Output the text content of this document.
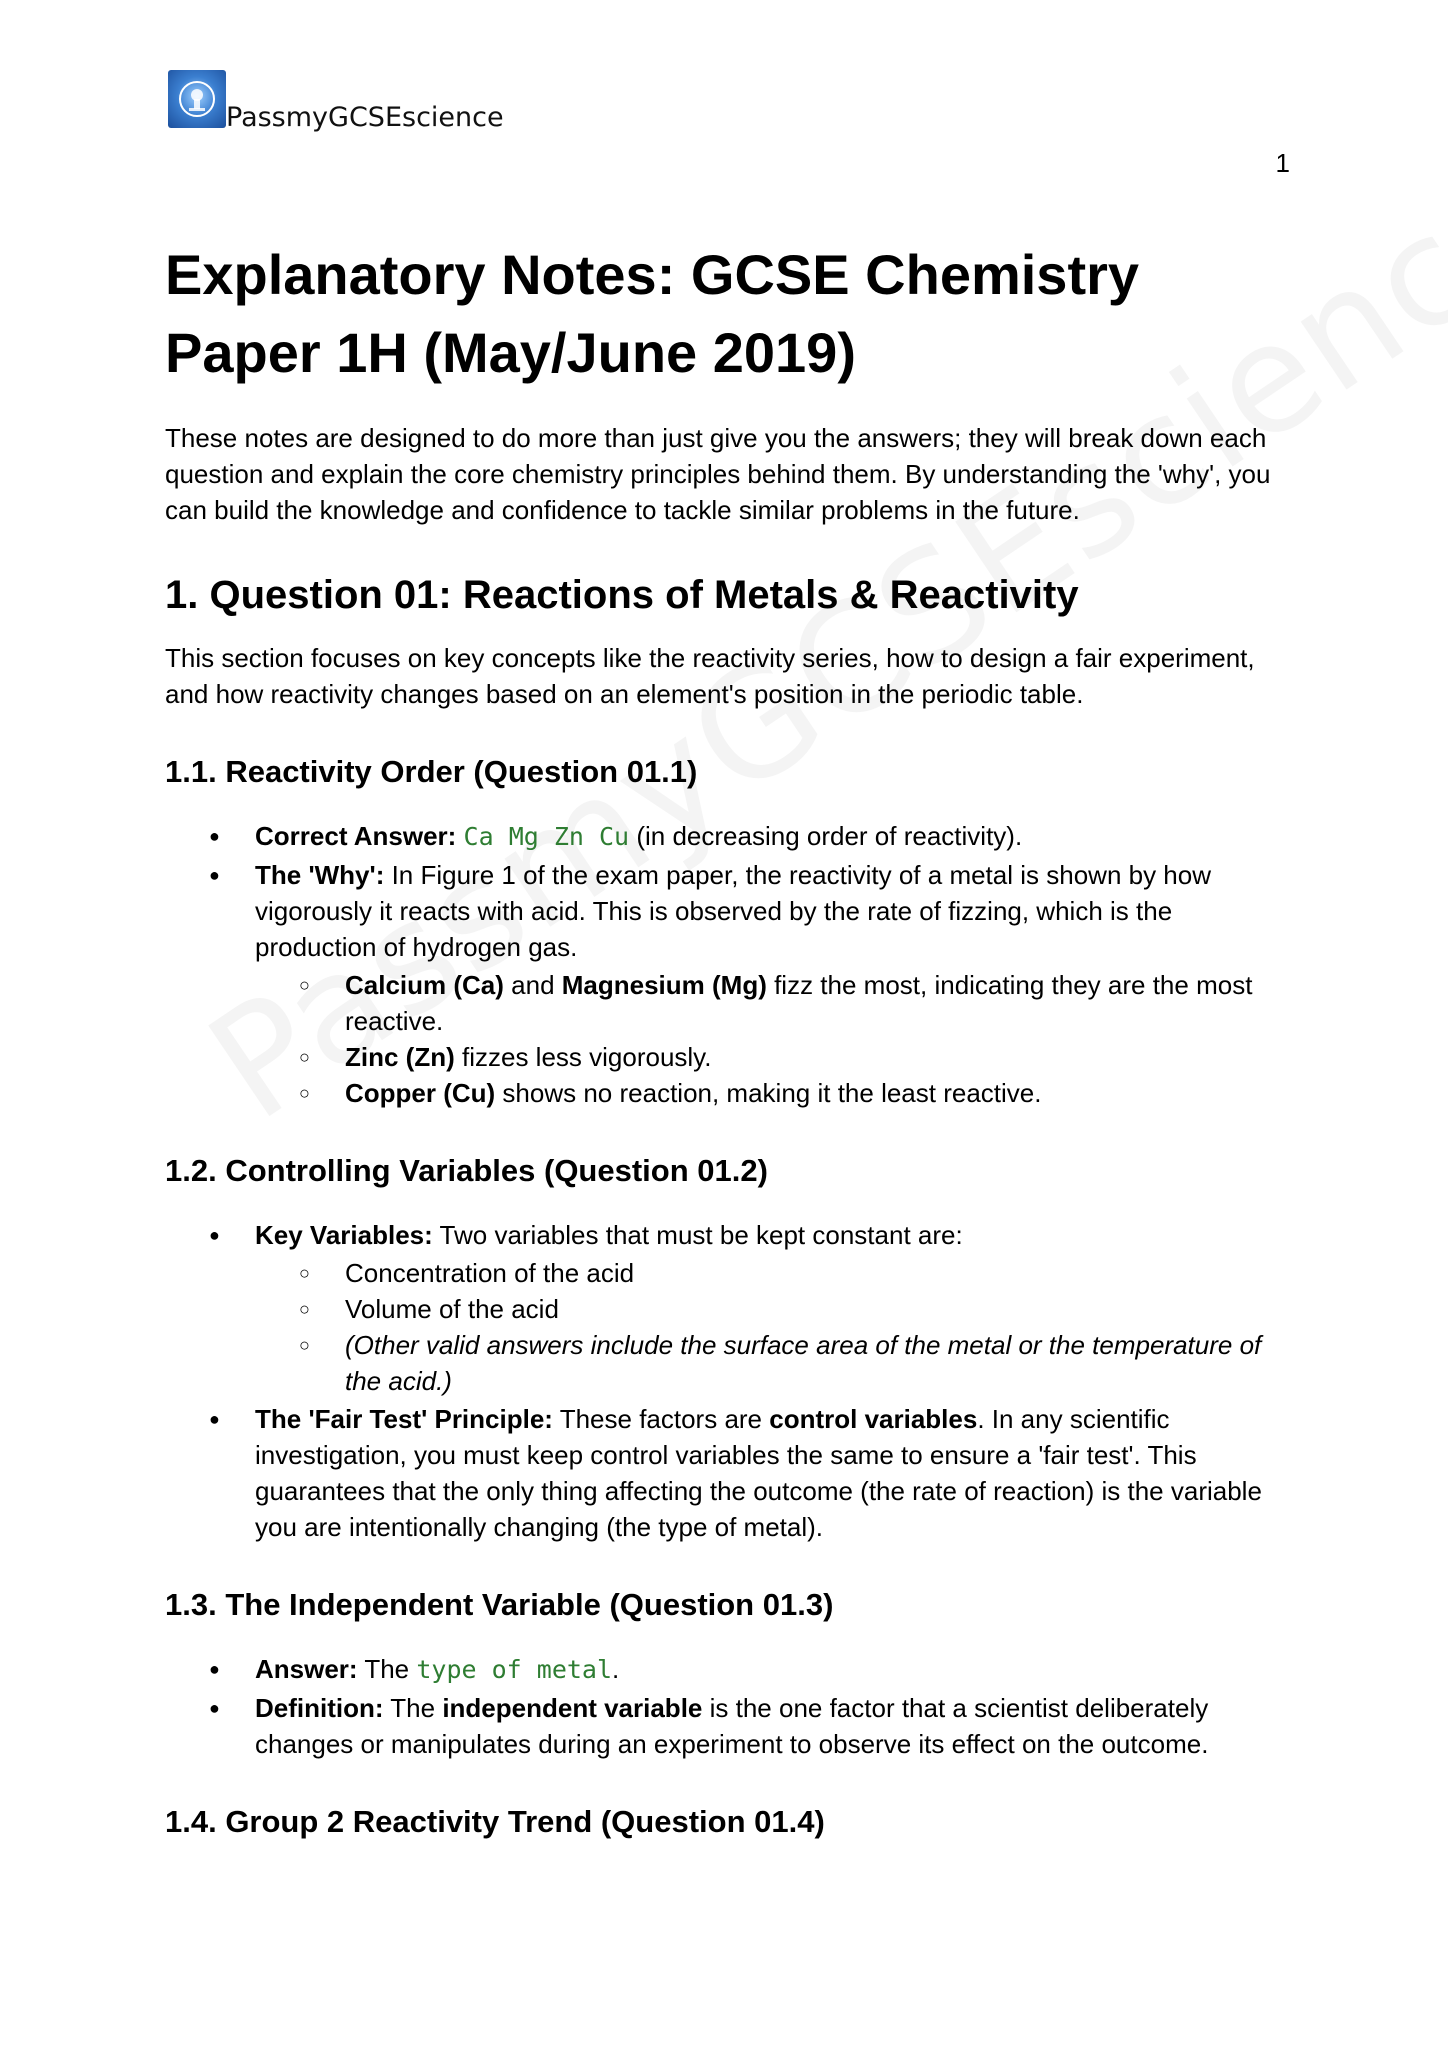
PassmyGCSEscience
1
Explanatory Notes: GCSE Chemistry Paper 1H (May/June 2019)

These notes are designed to do more than just give you the answers; they will break down each question and explain the core chemistry principles behind them. By understanding the 'why', you can build the knowledge and confidence to tackle similar problems in the future.

1. Question 01: Reactions of Metals & Reactivity

This section focuses on key concepts like the reactivity series, how to design a fair experiment, and how reactivity changes based on an element's position in the periodic table.

1.1. Reactivity Order (Question 01.1)
● Correct Answer: Ca Mg Zn Cu (in decreasing order of reactivity).
● The 'Why': In Figure 1 of the exam paper, the reactivity of a metal is shown by how vigorously it reacts with acid. This is observed by the rate of fizzing, which is the production of hydrogen gas.
○ Calcium (Ca) and Magnesium (Mg) fizz the most, indicating they are the most reactive.
○ Zinc (Zn) fizzes less vigorously.
○ Copper (Cu) shows no reaction, making it the least reactive.
1.2. Controlling Variables (Question 01.2)
● Key Variables: Two variables that must be kept constant are:
○ Concentration of the acid
○ Volume of the acid
○ (Other valid answers include the surface area of the metal or the temperature of the acid.)
● The 'Fair Test' Principle: These factors are control variables. In any scientific investigation, you must keep control variables the same to ensure a 'fair test'. This guarantees that the only thing affecting the outcome (the rate of reaction) is the variable you are intentionally changing (the type of metal).
1.3. The Independent Variable (Question 01.3)
● Answer: The type of metal.
● Definition: The independent variable is the one factor that a scientist deliberately changes or manipulates during an experiment to observe its effect on the outcome.
1.4. Group 2 Reactivity Trend (Question 01.4)
